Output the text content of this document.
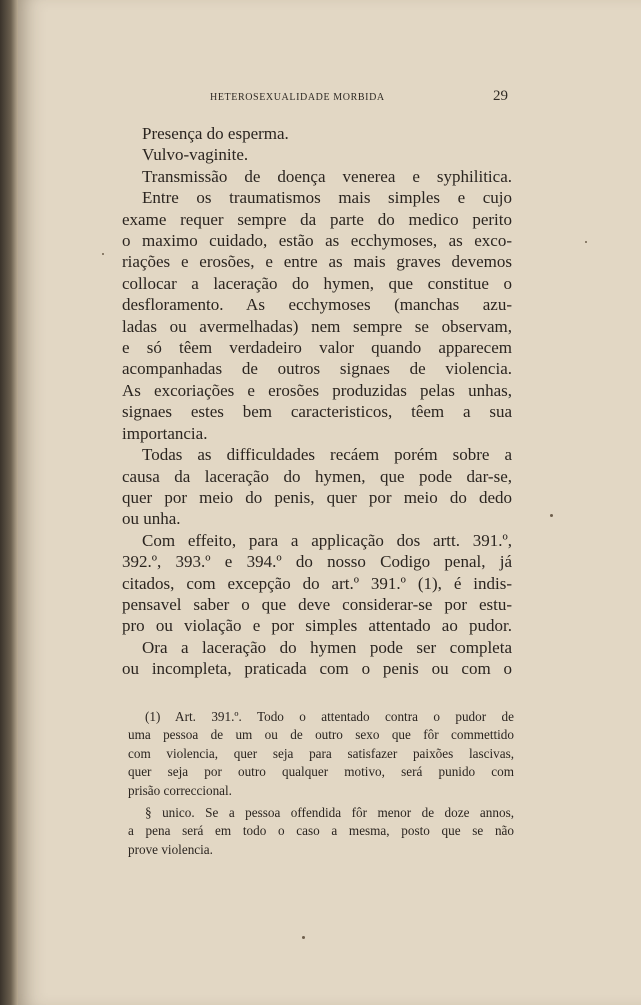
HETEROSEXUALIDADE MORBIDA	29
Presença do esperma.
Vulvo-vaginite.
Transmissão de doença venerea e syphilitica.
Entre os traumatismos mais simples e cujo
exame requer sempre da parte do medico perito
o maximo cuidado, estão as ecchymoses, as exco-
riações e erosões, e entre as mais graves devemos
collocar a laceração do hymen, que constitue o
desfloramento. As ecchymoses (manchas azu-
ladas ou avermelhadas) nem sempre se observam,
e só têem verdadeiro valor quando apparecem
acompanhadas de outros signaes de violencia.
As excoriações e erosões produzidas pelas unhas,
signaes estes bem caracteristicos, têem a sua
importancia.
Todas as difficuldades recáem porém sobre a
causa da laceração do hymen, que pode dar-se,
quer por meio do penis, quer por meio do dedo
ou unha.
Com effeito, para a applicação dos artt. 391.º,
392.º, 393.º e 394.º do nosso Codigo penal, já
citados, com excepção do art.º 391.º (1), é indis-
pensavel saber o que deve considerar-se por estu-
pro ou violação e por simples attentado ao pudor.
Ora a laceração do hymen pode ser completa
ou incompleta, praticada com o penis ou com o
(1) Art. 391.º. Todo o attentado contra o pudor de
uma pessoa de um ou de outro sexo que fôr commettido
com violencia, quer seja para satisfazer paixões lascivas,
quer seja por outro qualquer motivo, será punido com
prisão correccional.
§ unico. Se a pessoa offendida fôr menor de doze annos,
a pena será em todo o caso a mesma, posto que se não
prove violencia.
